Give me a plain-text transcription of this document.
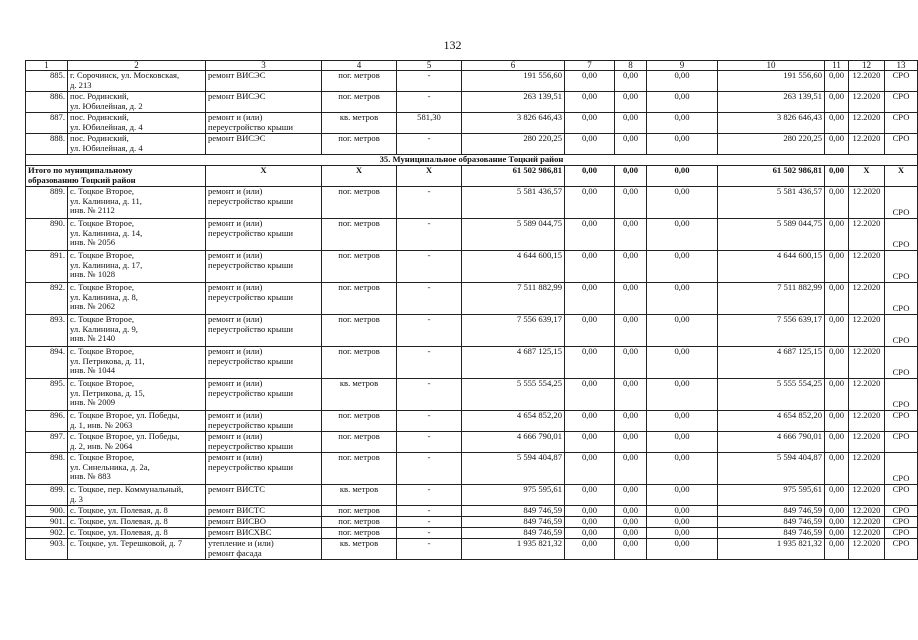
132
1	2	3	4	5	6	7	8	9	10	11	12	13
885.	г. Сорочинск, ул. Московская,
д. 213	ремонт ВИСЭС	пог. метров	-	191 556,60	0,00	0,00	0,00	191 556,60	0,00	12.2020	СРО
886.	пос. Родинский,
ул. Юбилейная, д. 2	ремонт ВИСЭС	пог. метров	-	263 139,51	0,00	0,00	0,00	263 139,51	0,00	12.2020	СРО
887.	пос. Родинский,
ул. Юбилейная, д. 4	ремонт и (или)
переустройство крыши	кв. метров	581,30	3 826 646,43	0,00	0,00	0,00	3 826 646,43	0,00	12.2020	СРО
888.	пос. Родинский,
ул. Юбилейная, д. 4	ремонт ВИСЭС	пог. метров	-	280 220,25	0,00	0,00	0,00	280 220,25	0,00	12.2020	СРО
35. Муниципальное образование Тоцкий район												
Итого по муниципальному
образованию Тоцкий район		Х	Х	Х	61 502 986,81	0,00	0,00	0,00	61 502 986,81	0,00	Х	Х
889.	с. Тоцкое Второе,
ул. Калинина, д. 11,
инв. № 2112	ремонт и (или)
переустройство крыши	пог. метров	-	5 581 436,57	0,00	0,00	0,00	5 581 436,57	0,00	12.2020	СРО

890.	с. Тоцкое Второе,
ул. Калинина, д. 14,
инв. № 2056	ремонт и (или)
переустройство крыши	пог. метров	-	5 589 044,75	0,00	0,00	0,00	5 589 044,75	0,00	12.2020	СРО

891.	с. Тоцкое Второе,
ул. Калинина, д. 17,
инв. № 1028	ремонт и (или)
переустройство крыши	пог. метров	-	4 644 600,15	0,00	0,00	0,00	4 644 600,15	0,00	12.2020	СРО

892.	с. Тоцкое Второе,
ул. Калинина, д. 8,
инв. № 2062	ремонт и (или)
переустройство крыши	пог. метров	-	7 511 882,99	0,00	0,00	0,00	7 511 882,99	0,00	12.2020	СРО

893.	с. Тоцкое Второе,
ул. Калинина, д. 9,
инв. № 2140	ремонт и (или)
переустройство крыши	пог. метров	-	7 556 639,17	0,00	0,00	0,00	7 556 639,17	0,00	12.2020	СРО

894.	с. Тоцкое Второе,
ул. Петрикова, д. 11,
инв. № 1044	ремонт и (или)
переустройство крыши	пог. метров	-	4 687 125,15	0,00	0,00	0,00	4 687 125,15	0,00	12.2020	СРО

895.	с. Тоцкое Второе,
ул. Петрикова, д. 15,
инв. № 2009	ремонт и (или)
переустройство крыши	кв. метров	-	5 555 554,25	0,00	0,00	0,00	5 555 554,25	0,00	12.2020	СРО

896.	с. Тоцкое Второе, ул. Победы,
д. 1, инв. № 2063	ремонт и (или)
переустройство крыши	пог. метров	-	4 654 852,20	0,00	0,00	0,00	4 654 852,20	0,00	12.2020	СРО
897.	с. Тоцкое Второе, ул. Победы,
д. 2, инв. № 2064	ремонт и (или)
переустройство крыши	пог. метров	-	4 666 790,01	0,00	0,00	0,00	4 666 790,01	0,00	12.2020	СРО
898.	с. Тоцкое Второе,
ул. Синельника, д. 2а,
инв. № 883	ремонт и (или)
переустройство крыши	пог. метров	-	5 594 404,87	0,00	0,00	0,00	5 594 404,87	0,00	12.2020	СРО

899.	с. Тоцкое, пер. Коммунальный,
д. 3	ремонт ВИСТС	кв. метров	-	975 595,61	0,00	0,00	0,00	975 595,61	0,00	12.2020	СРО
900.	с. Тоцкое, ул. Полевая, д. 8	ремонт ВИСТС	пог. метров	-	849 746,59	0,00	0,00	0,00	849 746,59	0,00	12.2020	СРО
901.	с. Тоцкое, ул. Полевая, д. 8	ремонт ВИСВО	пог. метров	-	849 746,59	0,00	0,00	0,00	849 746,59	0,00	12.2020	СРО
902.	с. Тоцкое, ул. Полевая, д. 8	ремонт ВИСХВС	пог. метров	-	849 746,59	0,00	0,00	0,00	849 746,59	0,00	12.2020	СРО
903.	с. Тоцкое, ул. Терешковой, д. 7	утепление и (или)
ремонт фасада	кв. метров	-	1 935 821,32	0,00	0,00	0,00	1 935 821,32	0,00	12.2020	СРО
